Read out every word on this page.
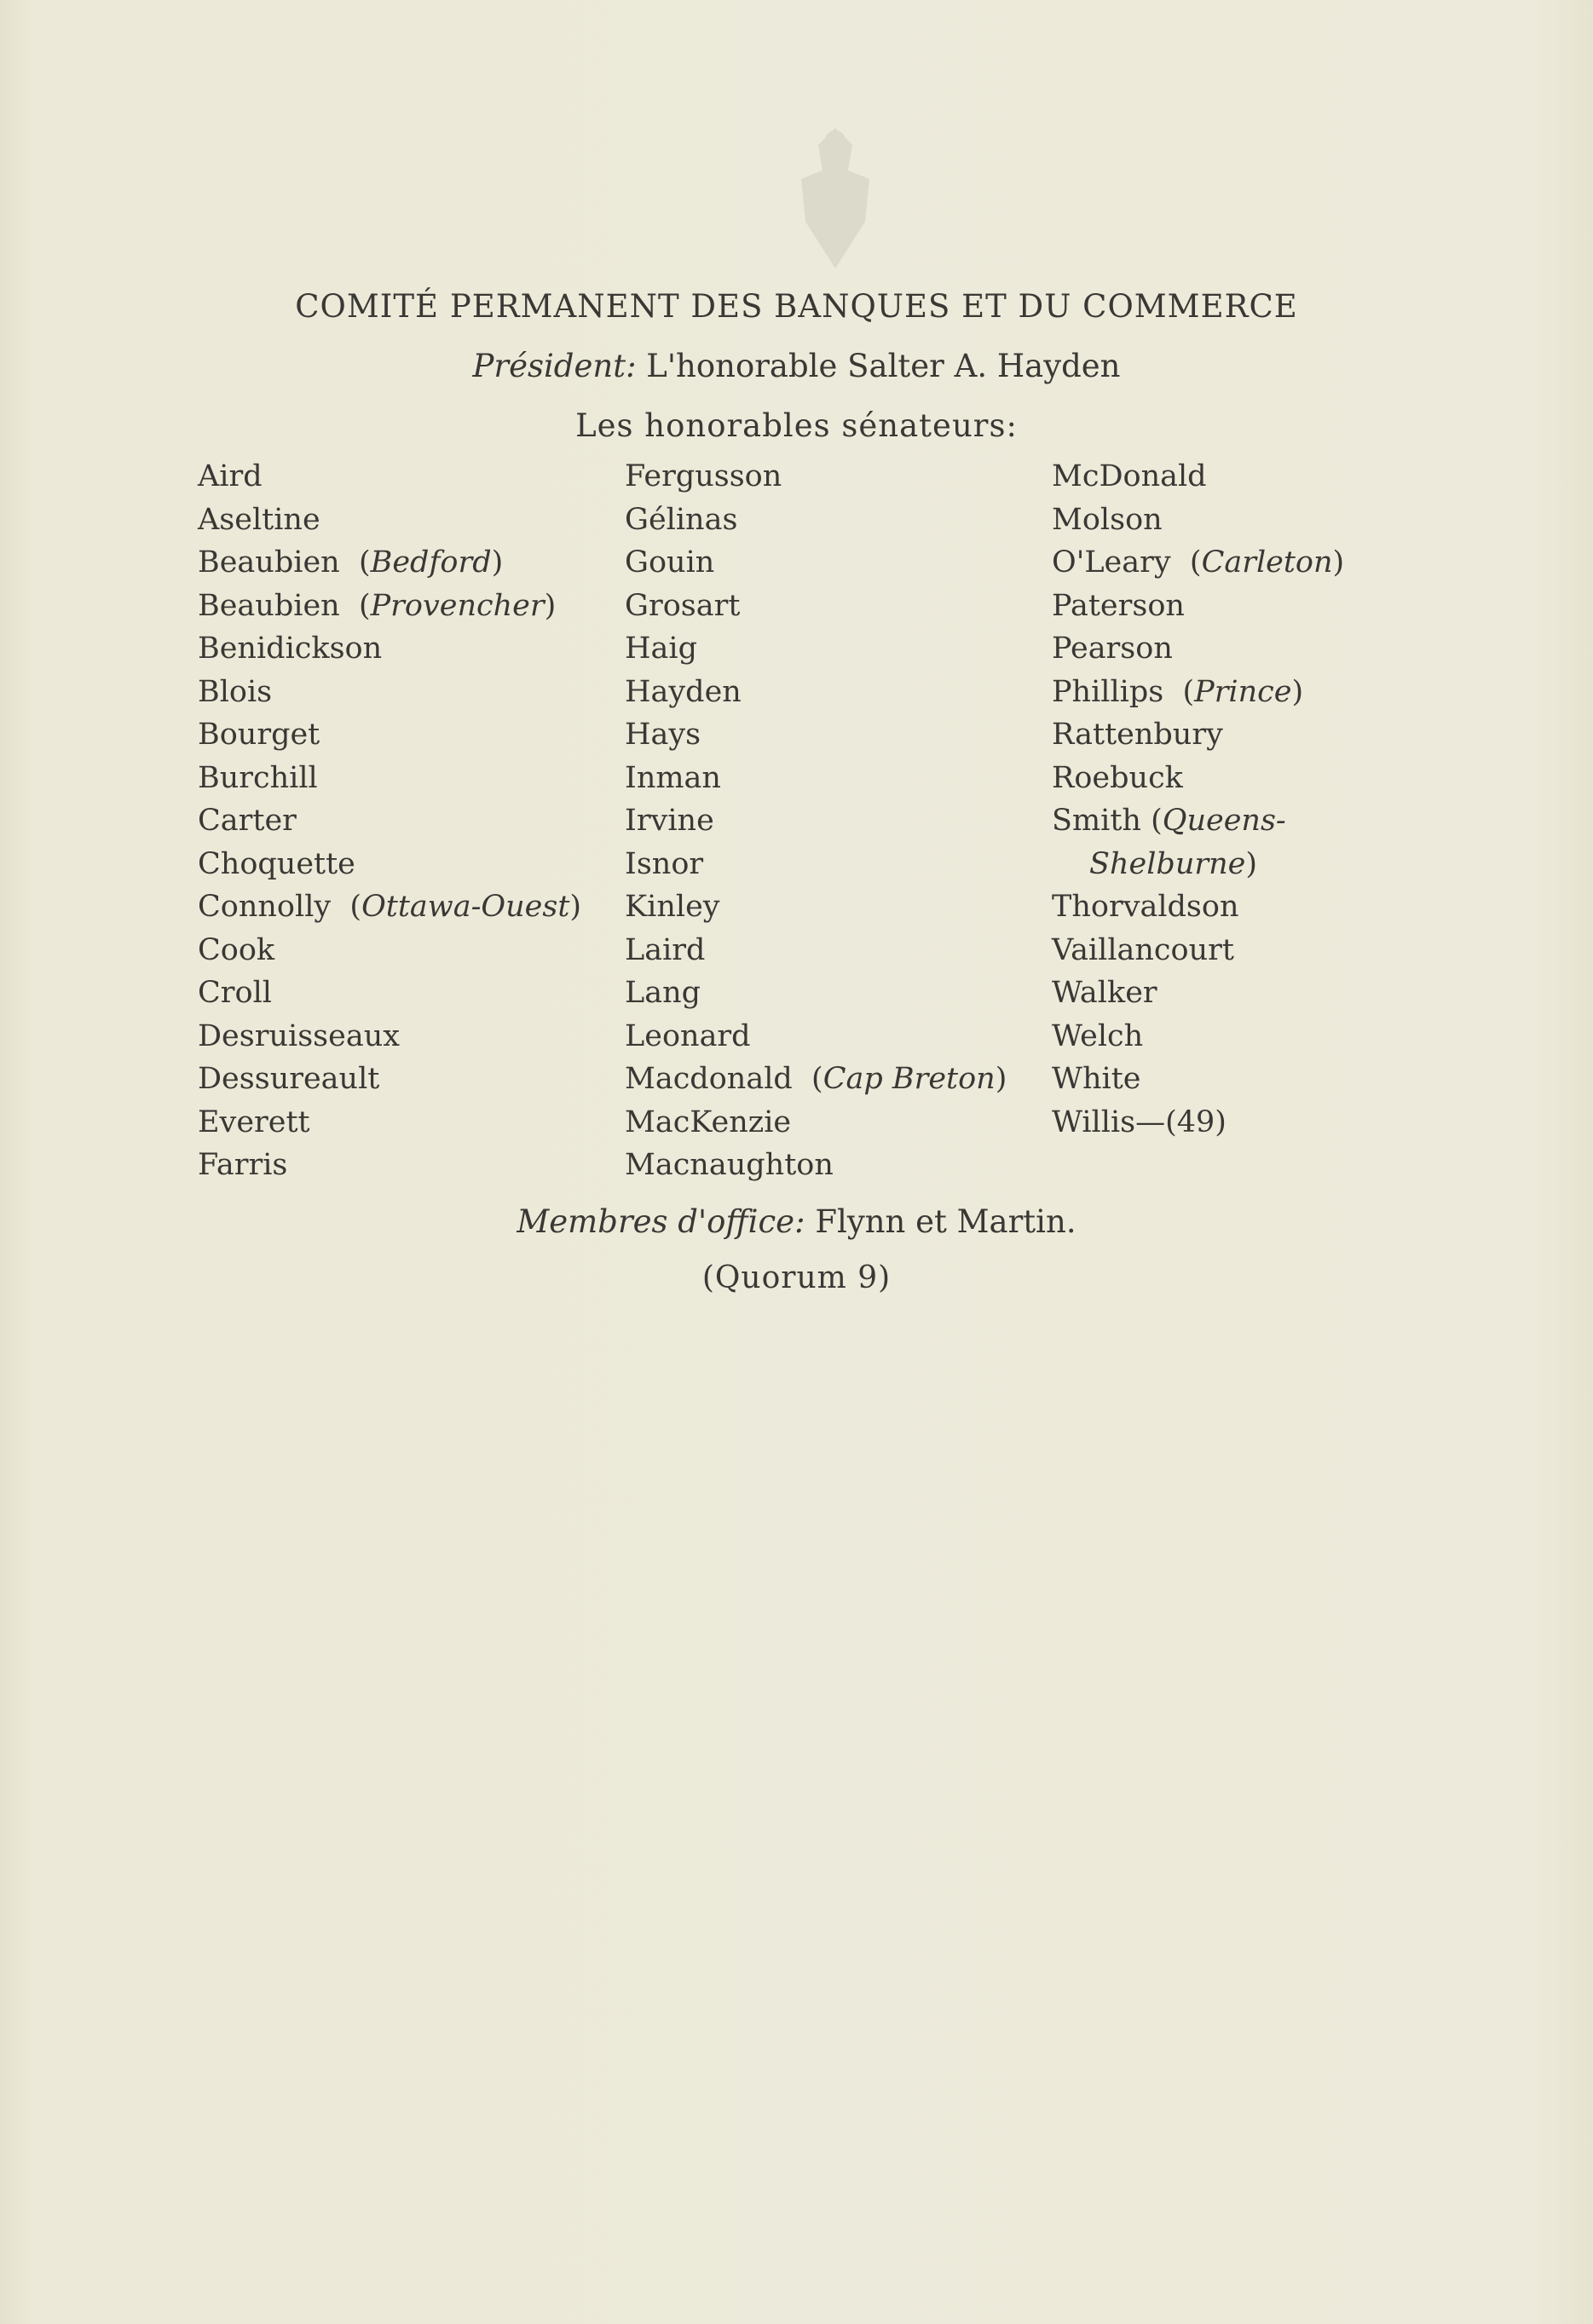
COMITÉ PERMANENT DES BANQUES ET DU COMMERCE
Président: L'honorable Salter A. Hayden
Les honorables sénateurs:
Aird
Aseltine
Beaubien  (Bedford)
Beaubien  (Provencher)
Benidickson
Blois
Bourget
Burchill
Carter
Choquette
Connolly  (Ottawa-Ouest)
Cook
Croll
Desruisseaux
Dessureault
Everett
Farris
Fergusson
Gélinas
Gouin
Grosart
Haig
Hayden
Hays
Inman
Irvine
Isnor
Kinley
Laird
Lang
Leonard
Macdonald  (Cap Breton)
MacKenzie
Macnaughton
McDonald
Molson
O'Leary  (Carleton)
Paterson
Pearson
Phillips  (Prince)
Rattenbury
Roebuck
Smith (Queens-
Shelburne)
Thorvaldson
Vaillancourt
Walker
Welch
White
Willis—(49)
Membres d'office: Flynn et Martin.
(Quorum 9)
